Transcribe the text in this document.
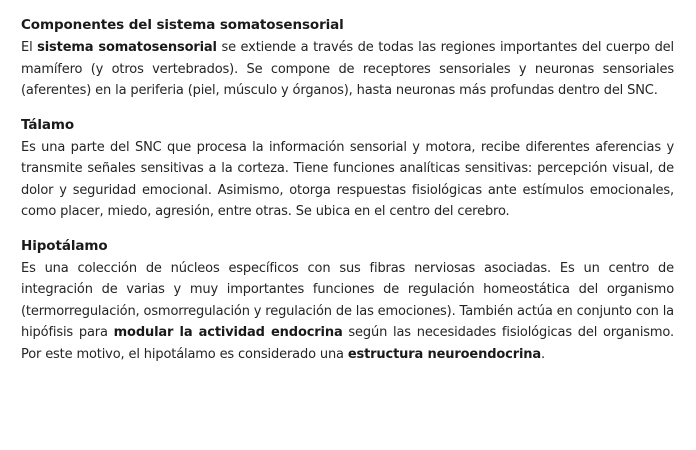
Componentes del sistema somatosensorial

El sistema somatosensorial se extiende a través de todas las regiones importantes del cuerpo del mamífero (y otros vertebrados). Se compone de receptores sensoriales y neuronas sensoriales (aferentes) en la periferia (piel, músculo y órganos), hasta neuronas más profundas dentro del SNC.

Tálamo

Es una parte del SNC que procesa la información sensorial y motora, recibe diferentes aferencias y transmite señales sensitivas a la corteza. Tiene funciones analíticas sensitivas: percepción visual, de dolor y seguridad emocional. Asimismo, otorga respuestas fisiológicas ante estímulos emocionales, como placer, miedo, agresión, entre otras. Se ubica en el centro del cerebro.

Hipotálamo

Es una colección de núcleos específicos con sus fibras nerviosas asociadas. Es un centro de integración de varias y muy importantes funciones de regulación homeostática del organismo (termorregulación, osmorregulación y regulación de las emociones). También actúa en conjunto con la hipófisis para modular la actividad endocrina según las necesidades fisiológicas del organismo. Por este motivo, el hipotálamo es considerado una estructura neuroendocrina.
